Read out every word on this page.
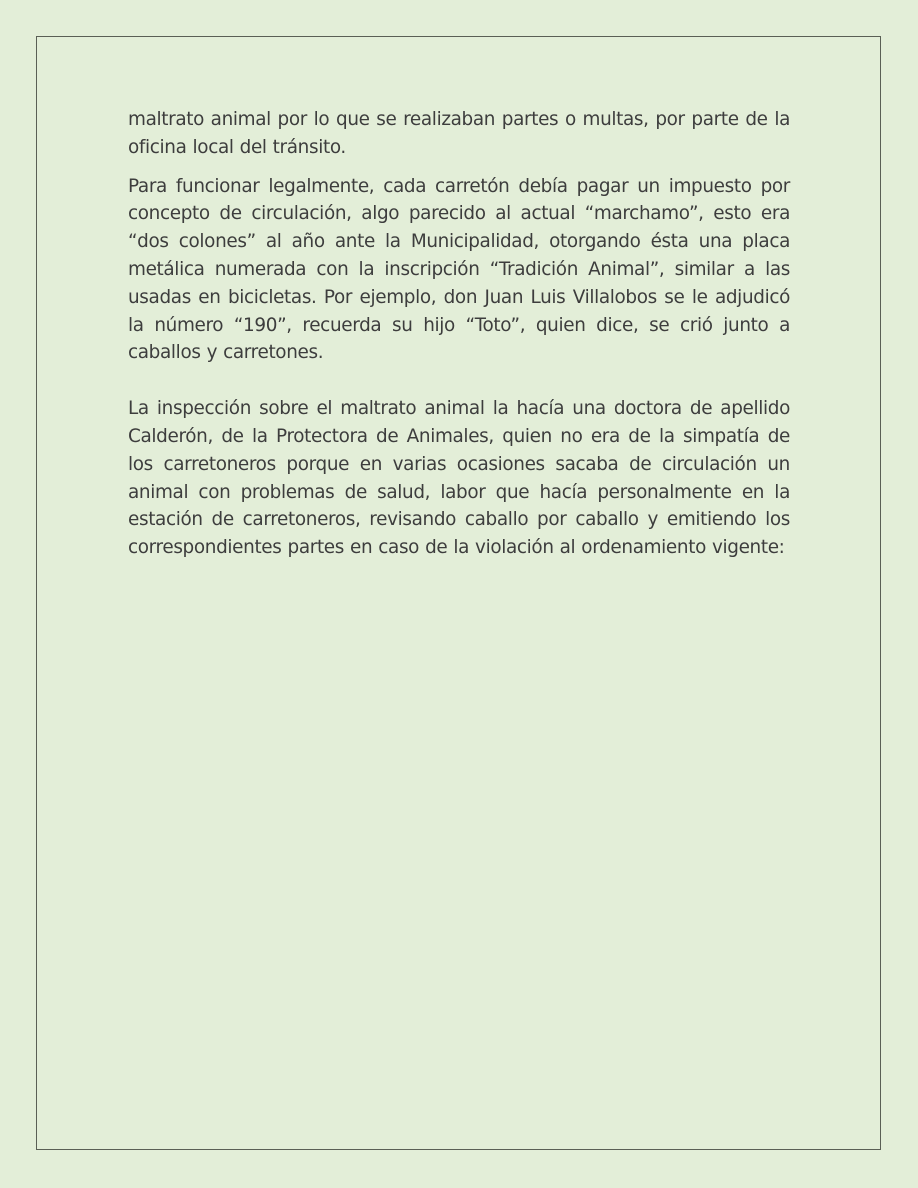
maltrato animal por lo que se realizaban partes o multas, por parte de la oficina local del tránsito.

Para funcionar legalmente, cada carretón debía pagar un impuesto por concepto de circulación, algo parecido al actual “marchamo”, esto era “dos colones” al año ante la Municipalidad, otorgando ésta una placa metálica numerada con la inscripción “Tradición Animal”, similar a las usadas en bicicletas. Por ejemplo, don Juan Luis Villalobos se le adjudicó la número “190”, recuerda su hijo “Toto”, quien dice, se crió junto a caballos y carretones.

La inspección sobre el maltrato animal la hacía una doctora de apellido Calderón, de la Protectora de Animales, quien no era de la simpatía de los carretoneros porque en varias ocasiones sacaba de circulación un animal con problemas de salud, labor que hacía personalmente en la estación de carretoneros, revisando caballo por caballo y emitiendo los correspondientes partes en caso de la violación al ordenamiento vigente:
